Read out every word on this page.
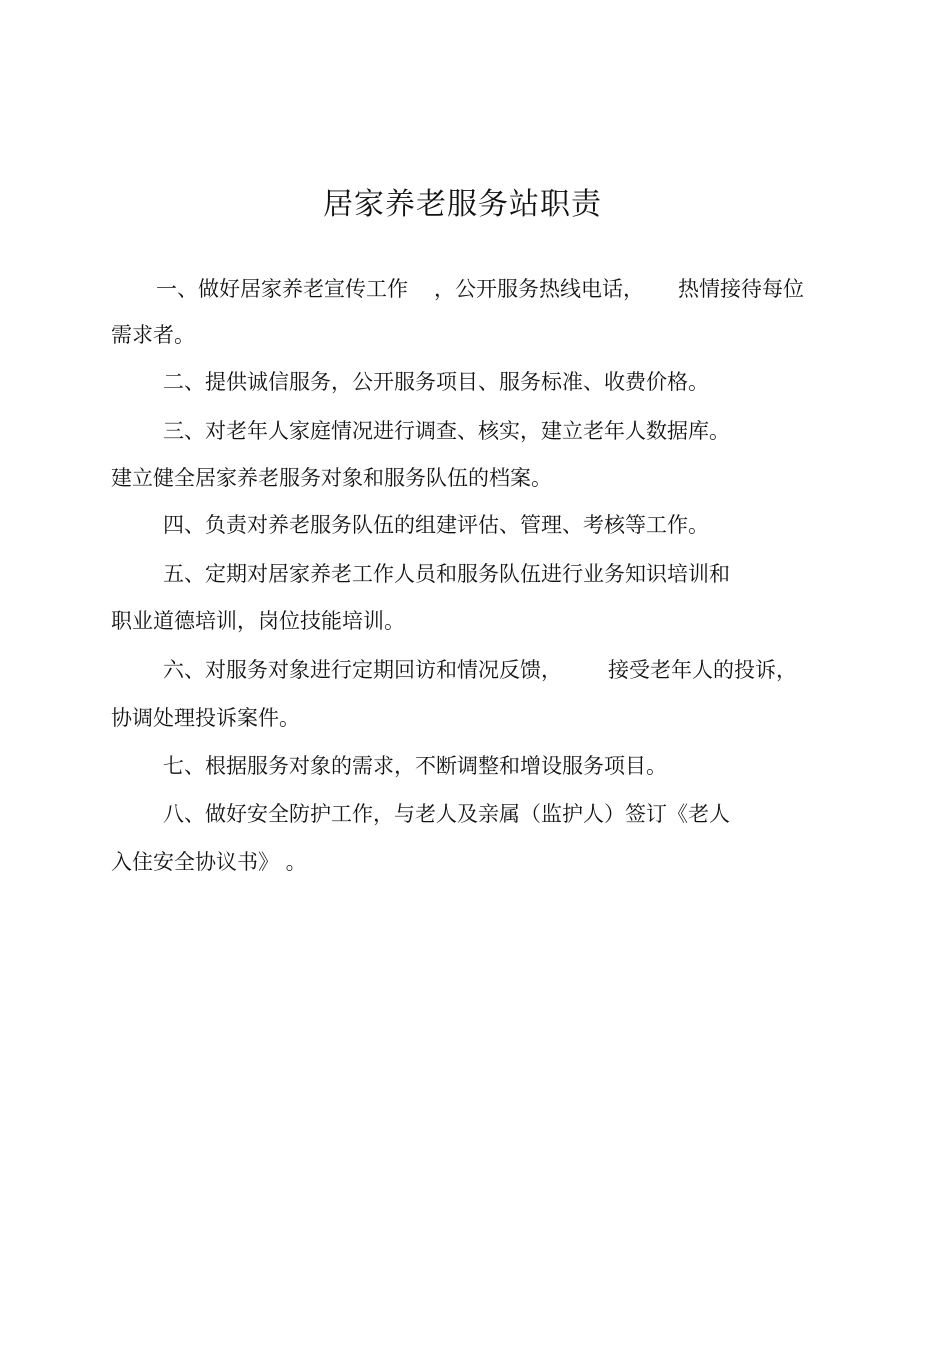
居家养老服务站职责
一、做好居家养老宣传工作 ，公开服务热线电话， 热情接待每位
需求者。
二、提供诚信服务，公开服务项目、服务标准、收费价格。
三、对老年人家庭情况进行调查、核实，建立老年人数据库。
建立健全居家养老服务对象和服务队伍的档案。
四、负责对养老服务队伍的组建评估、管理、考核等工作。
五、定期对居家养老工作人员和服务队伍进行业务知识培训和
职业道德培训，岗位技能培训。
六、对服务对象进行定期回访和情况反馈， 接受老年人的投诉，
协调处理投诉案件。
七、根据服务对象的需求，不断调整和增设服务项目。
八、做好安全防护工作，与老人及亲属（监护人）签订《老人
入住安全协议书》 。
